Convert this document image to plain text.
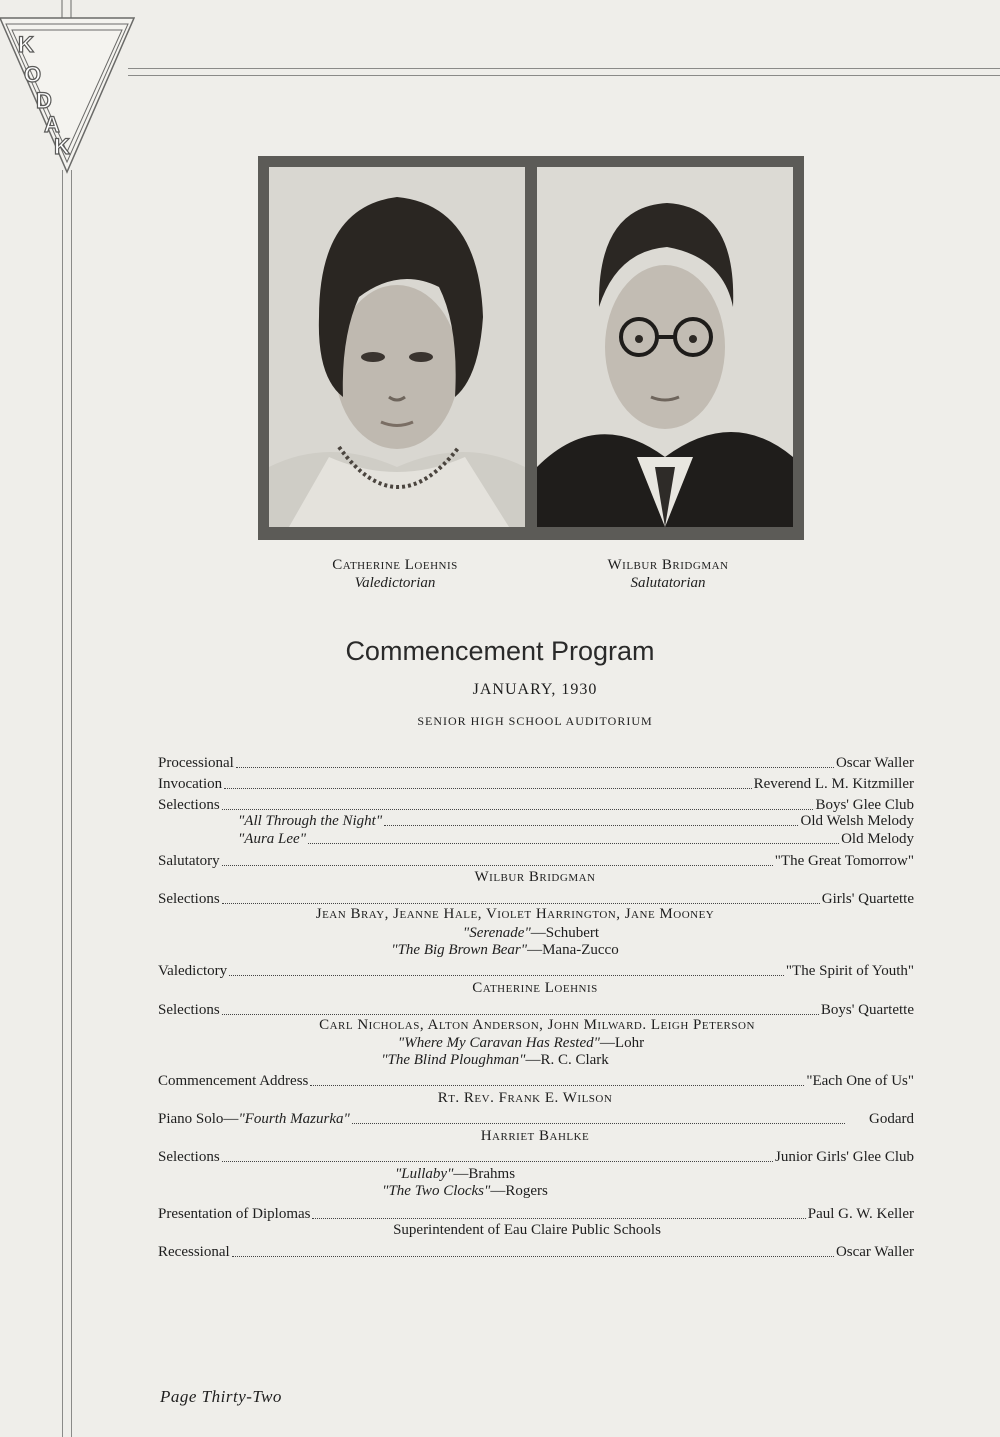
K
O
D
A
K
Catherine Loehnis
Valedictorian
Wilbur Bridgman
Salutatorian
Commencement Program
JANUARY, 1930
SENIOR HIGH SCHOOL AUDITORIUM
Processional	Oscar Waller
Invocation	Reverend L. M. Kitzmiller
Selections	Boys' Glee Club
"All Through the Night"	Old Welsh Melody
"Aura Lee"	Old Melody
Salutatory	"The Great Tomorrow"
Wilbur Bridgman
Selections	Girls' Quartette
Jean Bray, Jeanne Hale, Violet Harrington, Jane Mooney
"Serenade"—Schubert
"The Big Brown Bear"—Mana-Zucco
Valedictory	"The Spirit of Youth"
Catherine Loehnis
Selections	Boys' Quartette
Carl Nicholas, Alton Anderson, John Milward. Leigh Peterson
"Where My Caravan Has Rested"—Lohr
"The Blind Ploughman"—R. C. Clark
Commencement Address	"Each One of Us"
Rt. Rev. Frank E. Wilson
Piano Solo— "Fourth Mazurka"	Godard
Harriet Bahlke
Selections	Junior Girls' Glee Club
"Lullaby"—Brahms
"The Two Clocks"—Rogers
Presentation of Diplomas	Paul G. W. Keller
Superintendent of Eau Claire Public Schools
Recessional	Oscar Waller
Page Thirty-Two
